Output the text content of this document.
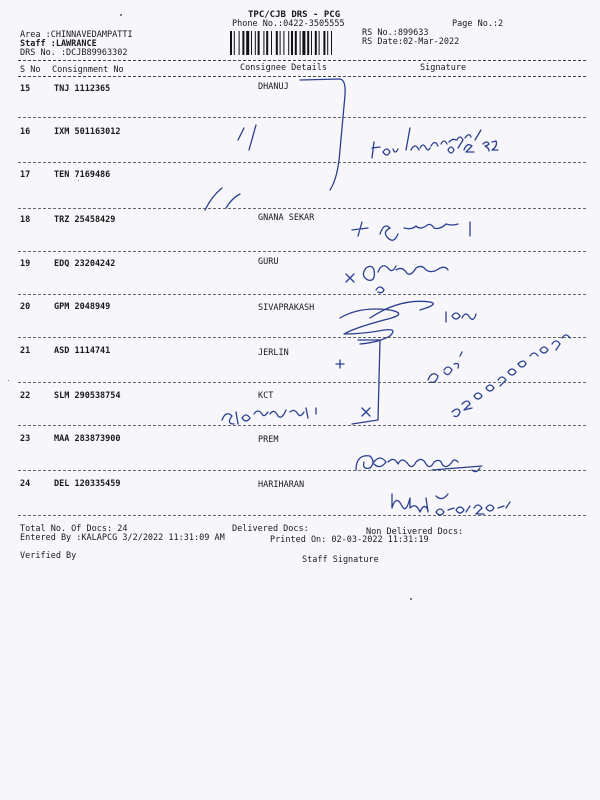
TPC/CJB DRS - PCG
Phone No.:0422-3505555	Page No.:2
Area :CHINNAVEDAMPATTI
Staff :LAWRANCE
DRS No. :DCJB89963302
RS No.:899633
RS Date:02-Mar-2022
S No Consignment No	Consignee Details	Signature
15	TNJ 1112365	DHANUJ
16	IXM 501163012
17	TEN 7169486
18	TRZ 25458429	GNANA SEKAR
19	EDQ 23204242	GURU
20	GPM 2048949	SIVAPRAKASH
21	ASD 1114741	JERLIN
22	SLM 290538754	KCT
23	MAA 283873900	PREM
24	DEL 120335459	HARIHARAN
Total No. Of Docs: 24	Delivered Docs:	Non Delivered Docs:
Entered By :KALAPCG 3/2/2022 11:31:09 AM	Printed On: 02-03-2022 11:31:19
Verified By	Staff Signature
